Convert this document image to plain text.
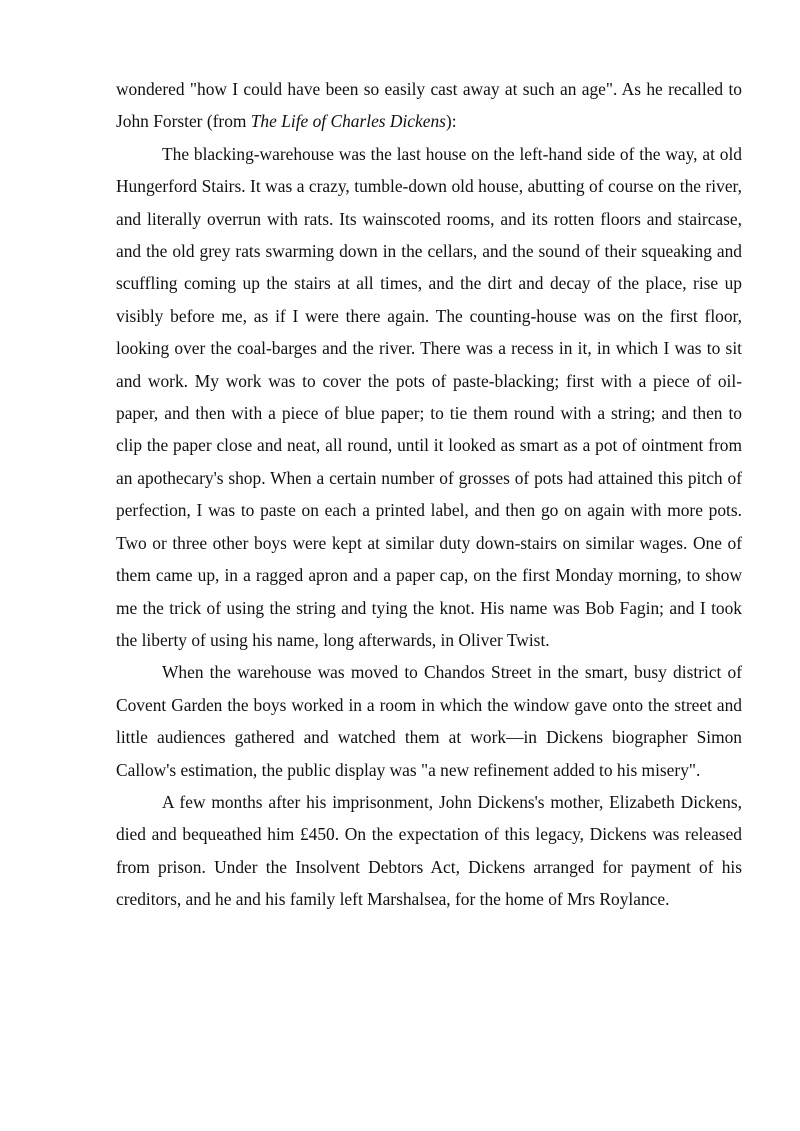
wondered "how I could have been so easily cast away at such an age". As he recalled to John Forster (from The Life of Charles Dickens):

The blacking-warehouse was the last house on the left-hand side of the way, at old Hungerford Stairs. It was a crazy, tumble-down old house, abutting of course on the river, and literally overrun with rats. Its wainscoted rooms, and its rotten floors and staircase, and the old grey rats swarming down in the cellars, and the sound of their squeaking and scuffling coming up the stairs at all times, and the dirt and decay of the place, rise up visibly before me, as if I were there again. The counting-house was on the first floor, looking over the coal-barges and the river. There was a recess in it, in which I was to sit and work. My work was to cover the pots of paste-blacking; first with a piece of oil-paper, and then with a piece of blue paper; to tie them round with a string; and then to clip the paper close and neat, all round, until it looked as smart as a pot of ointment from an apothecary's shop. When a certain number of grosses of pots had attained this pitch of perfection, I was to paste on each a printed label, and then go on again with more pots. Two or three other boys were kept at similar duty down-stairs on similar wages. One of them came up, in a ragged apron and a paper cap, on the first Monday morning, to show me the trick of using the string and tying the knot. His name was Bob Fagin; and I took the liberty of using his name, long afterwards, in Oliver Twist.

When the warehouse was moved to Chandos Street in the smart, busy district of Covent Garden the boys worked in a room in which the window gave onto the street and little audiences gathered and watched them at work—in Dickens biographer Simon Callow's estimation, the public display was "a new refinement added to his misery".

A few months after his imprisonment, John Dickens's mother, Elizabeth Dickens, died and bequeathed him £450. On the expectation of this legacy, Dickens was released from prison. Under the Insolvent Debtors Act, Dickens arranged for payment of his creditors, and he and his family left Marshalsea, for the home of Mrs Roylance.
